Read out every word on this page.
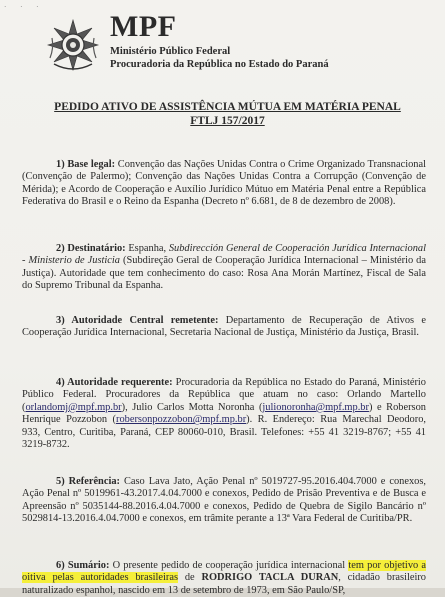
· · ·
MPF
Ministério Público Federal
Procuradoria da República no Estado do Paraná
PEDIDO ATIVO DE ASSISTÊNCIA MÚTUA EM MATÉRIA PENAL
FTLJ 157/2017
1) Base legal: Convenção das Nações Unidas Contra o Crime Organizado Transnacional (Convenção de Palermo); Convenção das Nações Unidas Contra a Corrupção (Convenção de Mérida); e Acordo de Cooperação e Auxílio Jurídico Mútuo em Matéria Penal entre a República Federativa do Brasil e o Reino da Espanha (Decreto nº 6.681, de 8 de dezembro de 2008).
2) Destinatário: Espanha, Subdirección General de Cooperación Jurídica Internacional - Ministerio de Justicia (Subdireção Geral de Cooperação Jurídica Internacional – Ministério da Justiça). Autoridade que tem conhecimento do caso: Rosa Ana Morán Martínez, Fiscal de Sala do Supremo Tribunal da Espanha.
3) Autoridade Central remetente: Departamento de Recuperação de Ativos e Cooperação Jurídica Internacional, Secretaria Nacional de Justiça, Ministério da Justiça, Brasil.
4) Autoridade requerente: Procuradoria da República no Estado do Paraná, Ministério Público Federal. Procuradores da República que atuam no caso: Orlando Martello (orlandomj@mpf.mp.br), Julio Carlos Motta Noronha (julionoronha@mpf.mp.br) e Roberson Henrique Pozzobon (robersonpozzobon@mpf.mp.br). R. Endereço: Rua Marechal Deodoro, 933, Centro, Curitiba, Paraná, CEP 80060-010, Brasil. Telefones: +55 41 3219-8767; +55 41 3219-8732.
5) Referência: Caso Lava Jato, Ação Penal nº 5019727-95.2016.404.7000 e conexos, Ação Penal nº 5019961-43.2017.4.04.7000 e conexos, Pedido de Prisão Preventiva e de Busca e Apreensão nº 5035144-88.2016.4.04.7000 e conexos, Pedido de Quebra de Sigilo Bancário nº 5029814-13.2016.4.04.7000 e conexos, em trâmite perante a 13ª Vara Federal de Curitiba/PR.
6) Sumário: O presente pedido de cooperação jurídica internacional tem por objetivo a oitiva pelas autoridades brasileiras de RODRIGO TACLA DURAN, cidadão brasileiro naturalizado espanhol, nascido em 13 de setembro de 1973, em São Paulo/SP,
